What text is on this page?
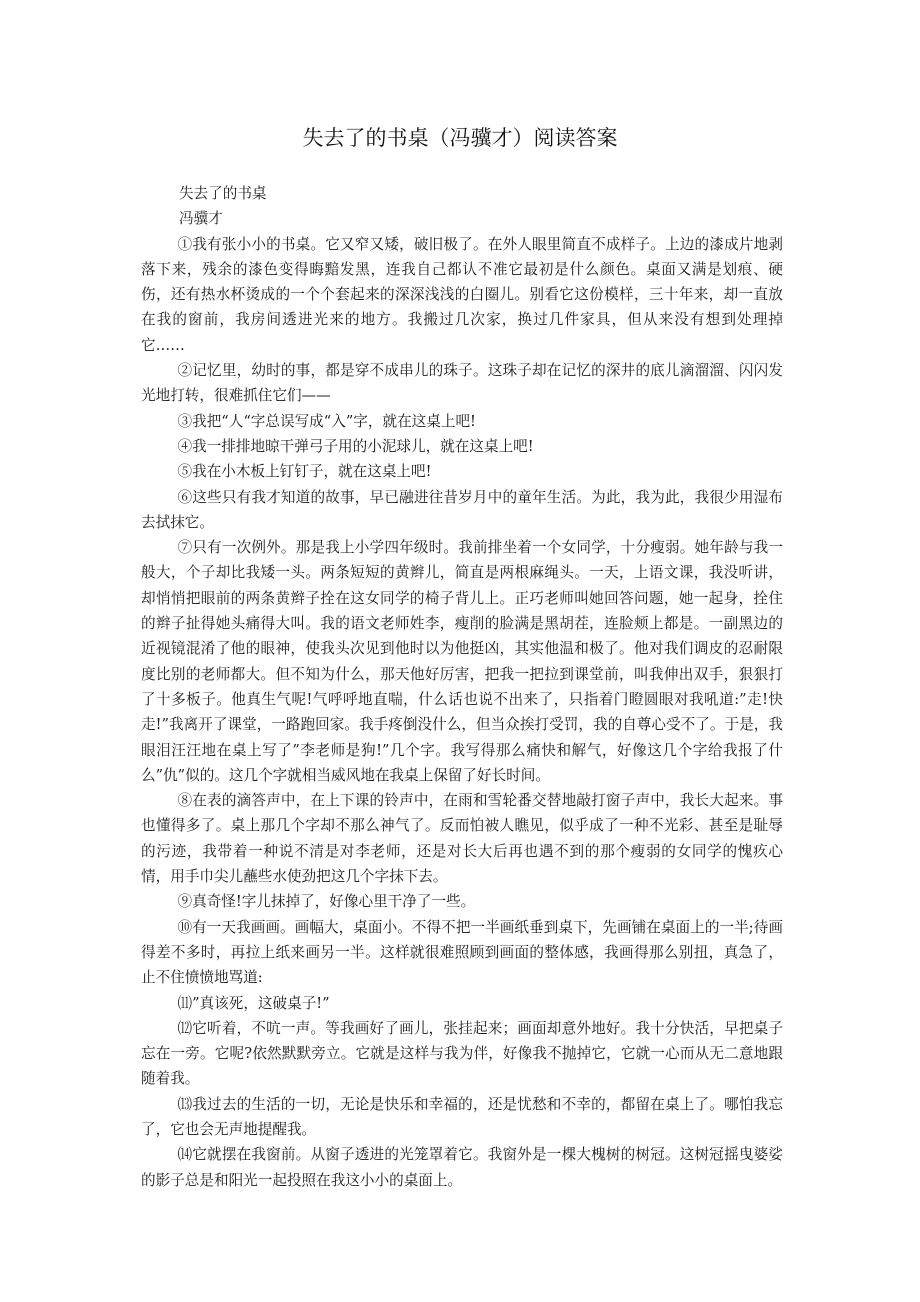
失去了的书桌（冯骥才）阅读答案

失去了的书桌

冯骥才

①我有张小小的书桌。它又窄又矮，破旧极了。在外人眼里简直不成样子。上边的漆成片地剥落下来，残余的漆色变得晦黯发黑，连我自己都认不准它最初是什么颜色。桌面又满是划痕、硬伤，还有热水杯烫成的一个个套起来的深深浅浅的白圈儿。别看它这份模样，三十年来，却一直放在我的窗前，我房间透进光来的地方。我搬过几次家，换过几件家具，但从来没有想到处理掉它……

②记忆里，幼时的事，都是穿不成串儿的珠子。这珠子却在记忆的深井的底儿滴溜溜、闪闪发光地打转，很难抓住它们——

③我把“人“字总误写成“入”字，就在这桌上吧!

④我一排排地晾干弹弓子用的小泥球儿，就在这桌上吧!

⑤我在小木板上钉钉子，就在这桌上吧!

⑥这些只有我才知道的故事，早已融进往昔岁月中的童年生活。为此，我为此，我很少用湿布去拭抹它。

⑦只有一次例外。那是我上小学四年级时。我前排坐着一个女同学，十分瘦弱。她年龄与我一般大，个子却比我矮一头。两条短短的黄辫儿，简直是两根麻绳头。一天，上语文课，我没听讲，却悄悄把眼前的两条黄辫子拴在这女同学的椅子背儿上。正巧老师叫她回答问题，她一起身，拴住的辫子扯得她头痛得大叫。我的语文老师姓李，瘦削的脸满是黑胡茬，连脸颊上都是。一副黑边的近视镜混淆了他的眼神，使我头次见到他时以为他挺凶，其实他温和极了。他对我们调皮的忍耐限度比别的老师都大。但不知为什么，那天他好厉害，把我一把拉到课堂前，叫我伸出双手，狠狠打了十多板子。他真生气呢!气呼呼地直喘，什么话也说不出来了，只指着门瞪圆眼对我吼道:”走!快走!”我离开了课堂，一路跑回家。我手疼倒没什么，但当众挨打受罚，我的自尊心受不了。于是，我眼泪汪汪地在桌上写了”李老师是狗!”几个字。我写得那么痛快和解气，好像这几个字给我报了什么”仇”似的。这几个字就相当威风地在我桌上保留了好长时间。

⑧在表的滴答声中，在上下课的铃声中，在雨和雪轮番交替地敲打窗子声中，我长大起来。事也懂得多了。桌上那几个字却不那么神气了。反而怕被人瞧见，似乎成了一种不光彩、甚至是耻辱的污迹，我带着一种说不清是对李老师，还是对长大后再也遇不到的那个瘦弱的女同学的愧疚心情，用手巾尖儿蘸些水使劲把这几个字抹下去。

⑨真奇怪!字儿抹掉了，好像心里干净了一些。

⑩有一天我画画。画幅大，桌面小。不得不把一半画纸垂到桌下，先画铺在桌面上的一半;待画得差不多时，再拉上纸来画另一半。这样就很难照顾到画面的整体感，我画得那么别扭，真急了，止不住愤愤地骂道:

⑾”真该死，这破桌子!”

⑿它听着，不吭一声。等我画好了画儿，张挂起来；画面却意外地好。我十分快活，早把桌子忘在一旁。它呢?依然默默旁立。它就是这样与我为伴，好像我不抛掉它，它就一心而从无二意地跟随着我。

⒀我过去的生活的一切，无论是快乐和幸福的，还是忧愁和不幸的，都留在桌上了。哪怕我忘了，它也会无声地提醒我。

⒁它就摆在我窗前。从窗子透进的光笼罩着它。我窗外是一棵大槐树的树冠。这树冠摇曳婆娑的影子总是和阳光一起投照在我这小小的桌面上。
